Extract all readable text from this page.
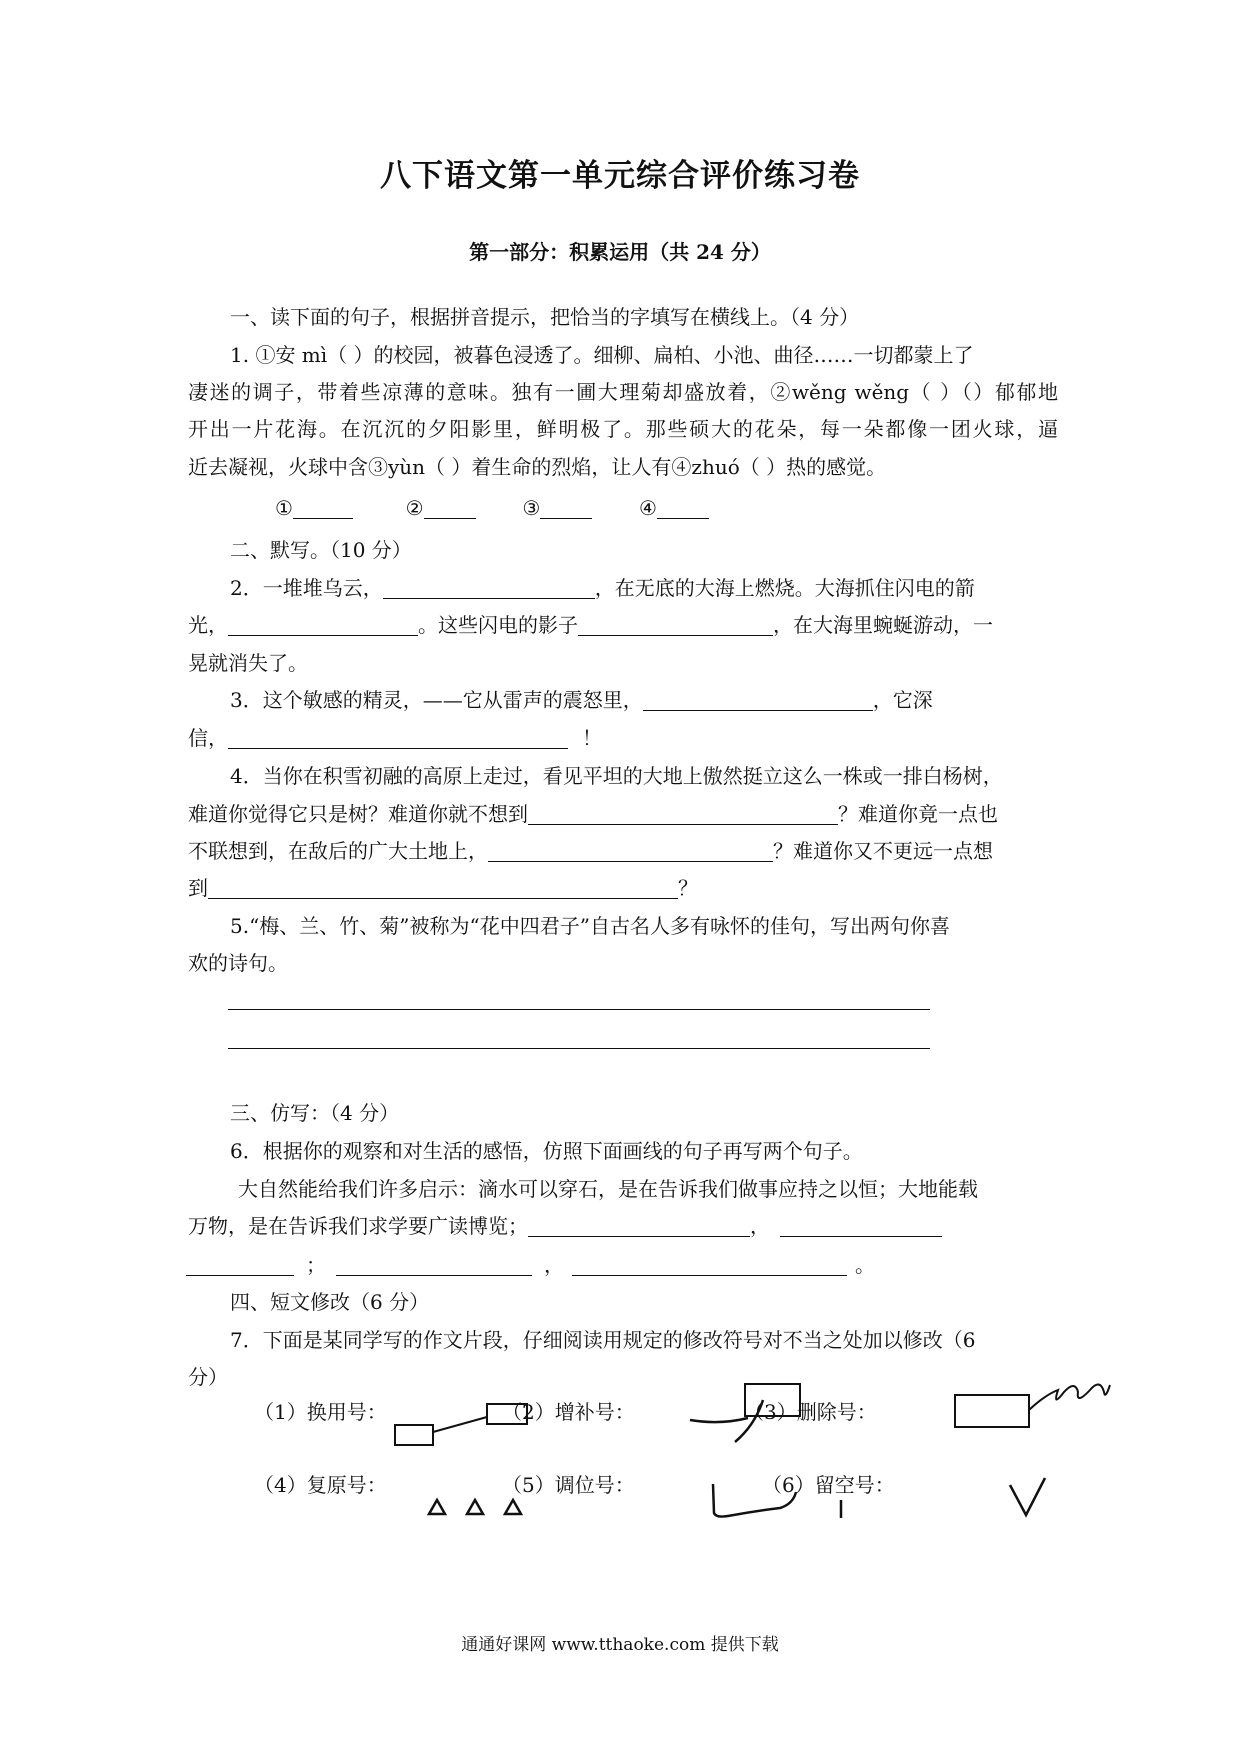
八下语文第一单元综合评价练习卷
第一部分：积累运用（共 24 分）
一、读下面的句子，根据拼音提示，把恰当的字填写在横线上。（4 分）
1. ①安 mì（ ）的校园，被暮色浸透了。细柳、扁柏、小池、曲径……一切都蒙上了
凄迷的调子，带着些凉薄的意味。独有一圃大理菊却盛放着，②wěng wěng（ ）（）郁郁地
开出一片花海。在沉沉的夕阳影里，鲜明极了。那些硕大的花朵，每一朵都像一团火球，逼
近去凝视，火球中含③yùn（ ）着生命的烈焰，让人有④zhuó（ ）热的感觉。
①	②	③	④
二、默写。（10 分）
2．一堆堆乌云，	，在无底的大海上燃烧。大海抓住闪电的箭
光，	。这些闪电的影子	，在大海里蜿蜒游动，一
晃就消失了。
3．这个敏感的精灵，——它从雷声的震怒里，	，它深
信，	！
4．当你在积雪初融的高原上走过，看见平坦的大地上傲然挺立这么一株或一排白杨树，
难道你觉得它只是树？难道你就不想到	？难道你竟一点也
不联想到，在敌后的广大土地上，	？难道你又不更远一点想
到	？
5.“梅、兰、竹、菊”被称为“花中四君子”自古名人多有咏怀的佳句，写出两句你喜
欢的诗句。
三、仿写：（4 分）
6．根据你的观察和对生活的感悟，仿照下面画线的句子再写两个句子。
大自然能给我们许多启示：滴水可以穿石，是在告诉我们做事应持之以恒；大地能载
万物，是在告诉我们求学要广读博览；	，
；	，	。
四、短文修改（6 分）
7．下面是某同学写的作文片段，仔细阅读用规定的修改符号对不当之处加以修改（6
分）
（1）换用号：	（2）增补号：	（3）删除号：
（4）复原号：	（5）调位号：	（6）留空号：
通通好课网 www.tthaoke.com 提供下载
